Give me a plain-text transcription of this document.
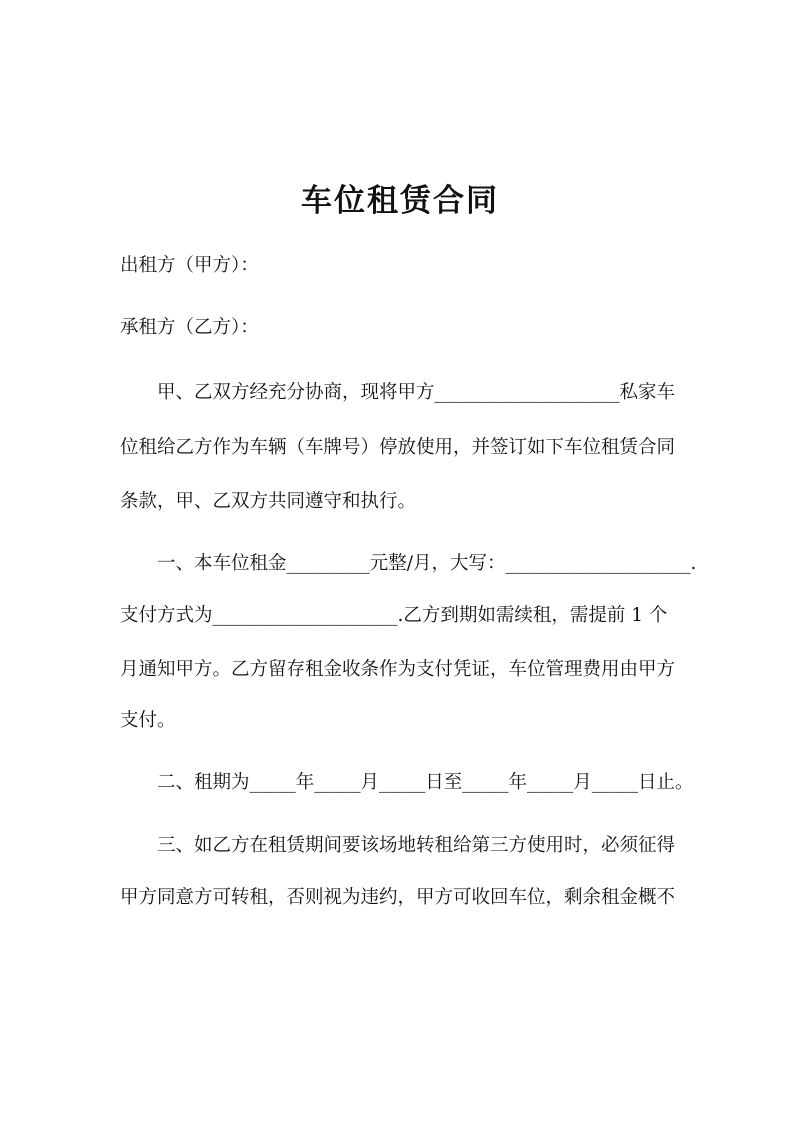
车位租赁合同

出租方（甲方）：

承租方（乙方）：

　　甲、乙双方经充分协商，现将甲方____________________私家车

位租给乙方作为车辆（车牌号）停放使用，并签订如下车位租赁合同

条款，甲、乙双方共同遵守和执行。

　　一、本车位租金_________元整/月，大写：____________________.

支付方式为____________________.乙方到期如需续租，需提前 1 个

月通知甲方。乙方留存租金收条作为支付凭证，车位管理费用由甲方

支付。

　　二、租期为_____年_____月_____日至_____年_____月_____日止。

　　三、如乙方在租赁期间要该场地转租给第三方使用时，必须征得

甲方同意方可转租，否则视为违约，甲方可收回车位，剩余租金概不
